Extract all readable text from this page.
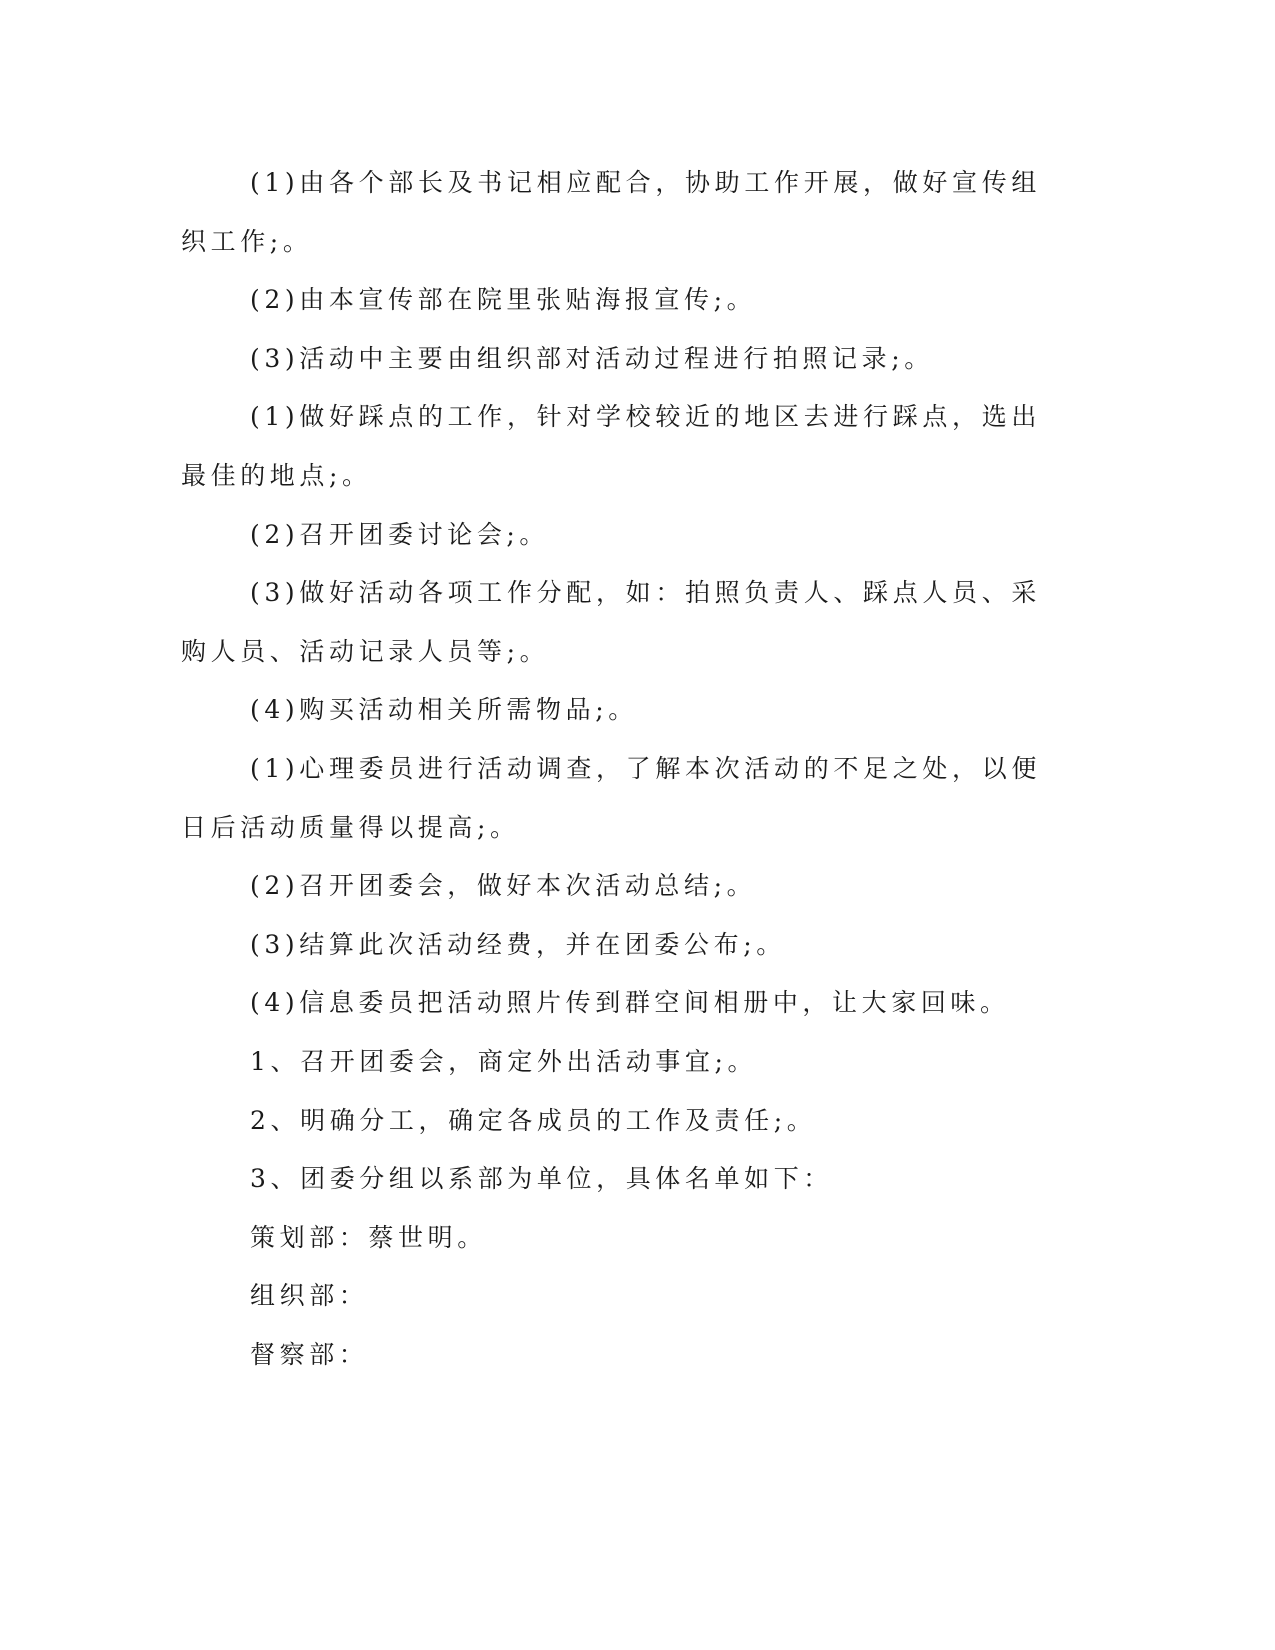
(1)由各个部长及书记相应配合，协助工作开展，做好宣传组织工作;。

(2)由本宣传部在院里张贴海报宣传;。

(3)活动中主要由组织部对活动过程进行拍照记录;。

(1)做好踩点的工作，针对学校较近的地区去进行踩点，选出最佳的地点;。

(2)召开团委讨论会;。

(3)做好活动各项工作分配，如：拍照负责人、踩点人员、采购人员、活动记录人员等;。

(4)购买活动相关所需物品;。

(1)心理委员进行活动调查，了解本次活动的不足之处，以便日后活动质量得以提高;。

(2)召开团委会，做好本次活动总结;。

(3)结算此次活动经费，并在团委公布;。

(4)信息委员把活动照片传到群空间相册中，让大家回味。

1、召开团委会，商定外出活动事宜;。

2、明确分工，确定各成员的工作及责任;。

3、团委分组以系部为单位，具体名单如下：

策划部：蔡世明。

组织部：

督察部：
